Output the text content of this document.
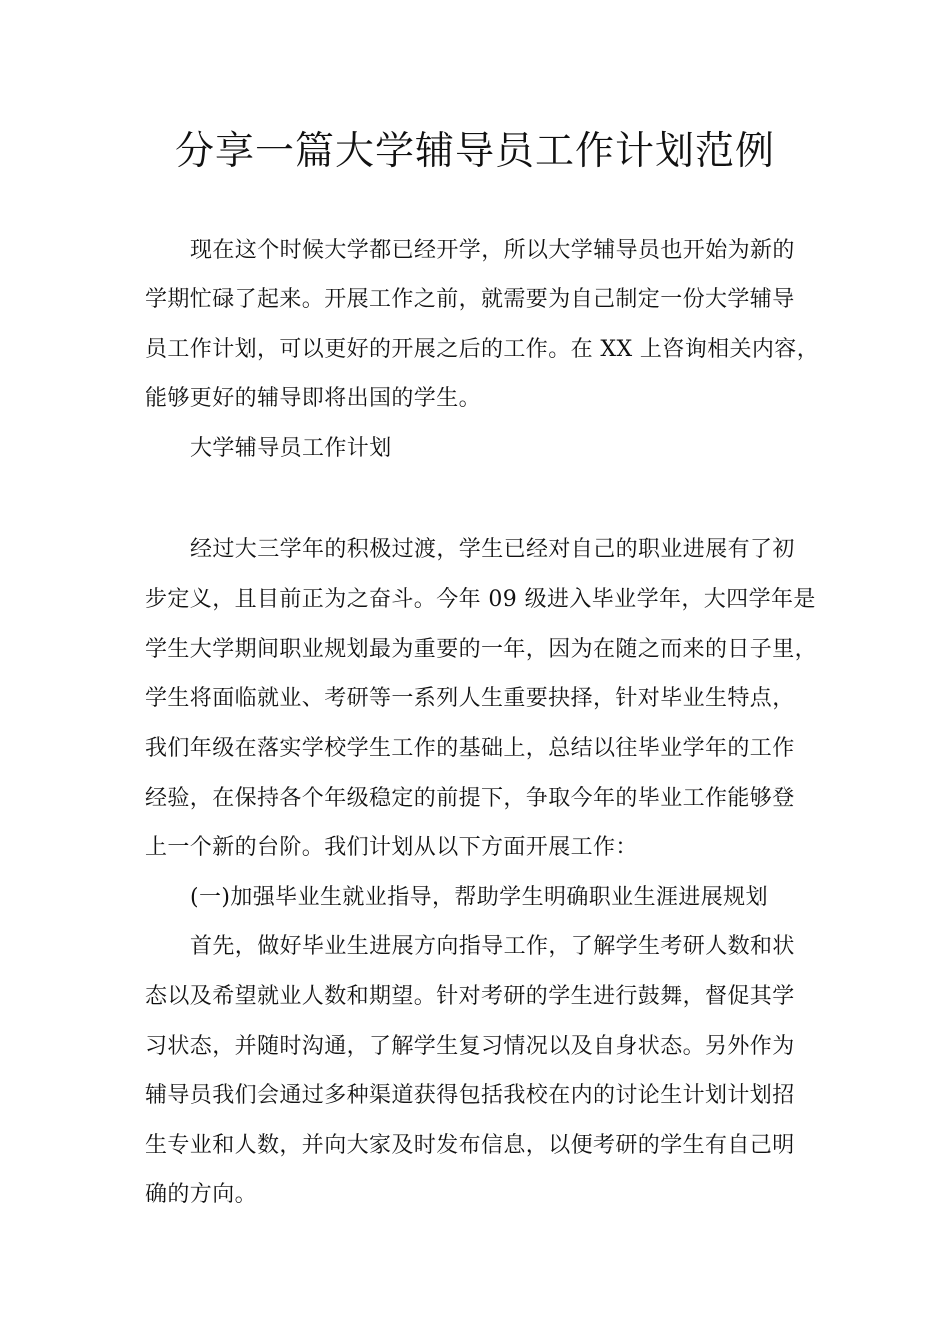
分享一篇大学辅导员工作计划范例
现在这个时候大学都已经开学，所以大学辅导员也开始为新的
学期忙碌了起来。开展工作之前，就需要为自己制定一份大学辅导
员工作计划，可以更好的开展之后的工作。在 XX 上咨询相关内容，
能够更好的辅导即将出国的学生。
大学辅导员工作计划
经过大三学年的积极过渡，学生已经对自己的职业进展有了初
步定义，且目前正为之奋斗。今年 09 级进入毕业学年，大四学年是
学生大学期间职业规划最为重要的一年，因为在随之而来的日子里，
学生将面临就业、考研等一系列人生重要抉择，针对毕业生特点，
我们年级在落实学校学生工作的基础上，总结以往毕业学年的工作
经验，在保持各个年级稳定的前提下，争取今年的毕业工作能够登
上一个新的台阶。我们计划从以下方面开展工作：
(一)加强毕业生就业指导，帮助学生明确职业生涯进展规划
首先，做好毕业生进展方向指导工作，了解学生考研人数和状
态以及希望就业人数和期望。针对考研的学生进行鼓舞，督促其学
习状态，并随时沟通，了解学生复习情况以及自身状态。另外作为
辅导员我们会通过多种渠道获得包括我校在内的讨论生计划计划招
生专业和人数，并向大家及时发布信息，以便考研的学生有自己明
确的方向。
